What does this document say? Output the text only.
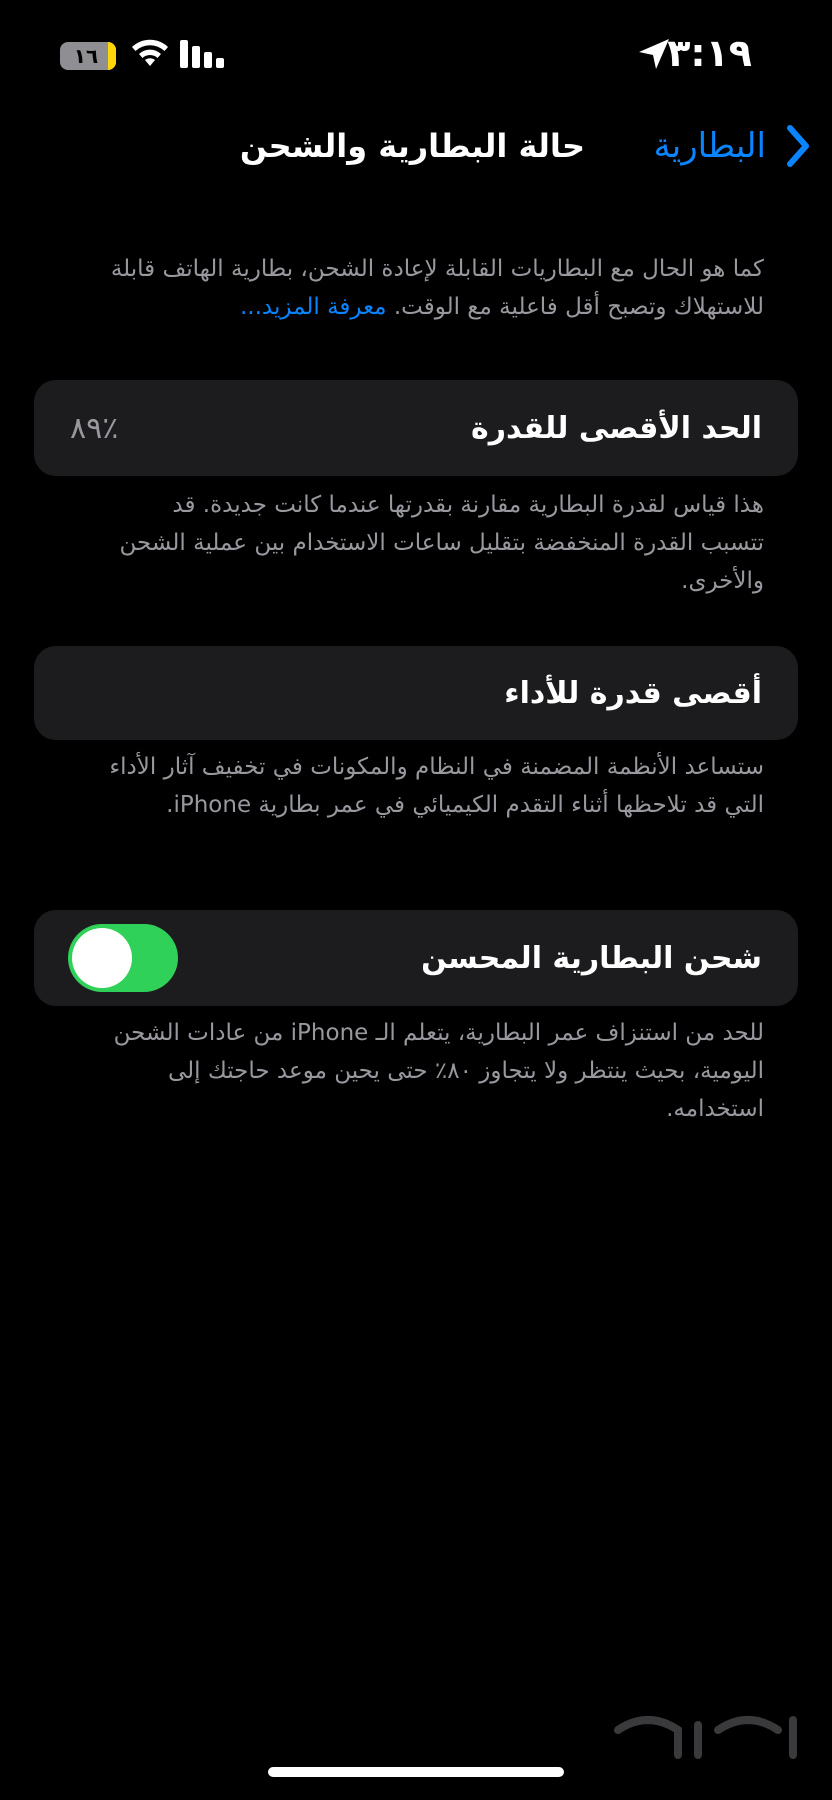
١٦	٣:١٩
البطارية
حالة البطارية والشحن
كما هو الحال مع البطاريات القابلة لإعادة الشحن، بطارية الهاتف قابلة للاستهلاك وتصبح أقل فاعلية مع الوقت. معرفة المزيد...
الحد الأقصى للقدرة
٪٨٩
هذا قياس لقدرة البطارية مقارنة بقدرتها عندما كانت جديدة. قد تتسبب القدرة المنخفضة بتقليل ساعات الاستخدام بين عملية الشحن والأخرى.
أقصى قدرة للأداء
ستساعد الأنظمة المضمنة في النظام والمكونات في تخفيف آثار الأداء التي قد تلاحظها أثناء التقدم الكيميائي في عمر بطارية iPhone.
شحن البطارية المحسن
للحد من استنزاف عمر البطارية، يتعلم الـ iPhone من عادات الشحن اليومية، بحيث ينتظر ولا يتجاوز ٨٠٪ حتى يحين موعد حاجتك إلى استخدامه.
